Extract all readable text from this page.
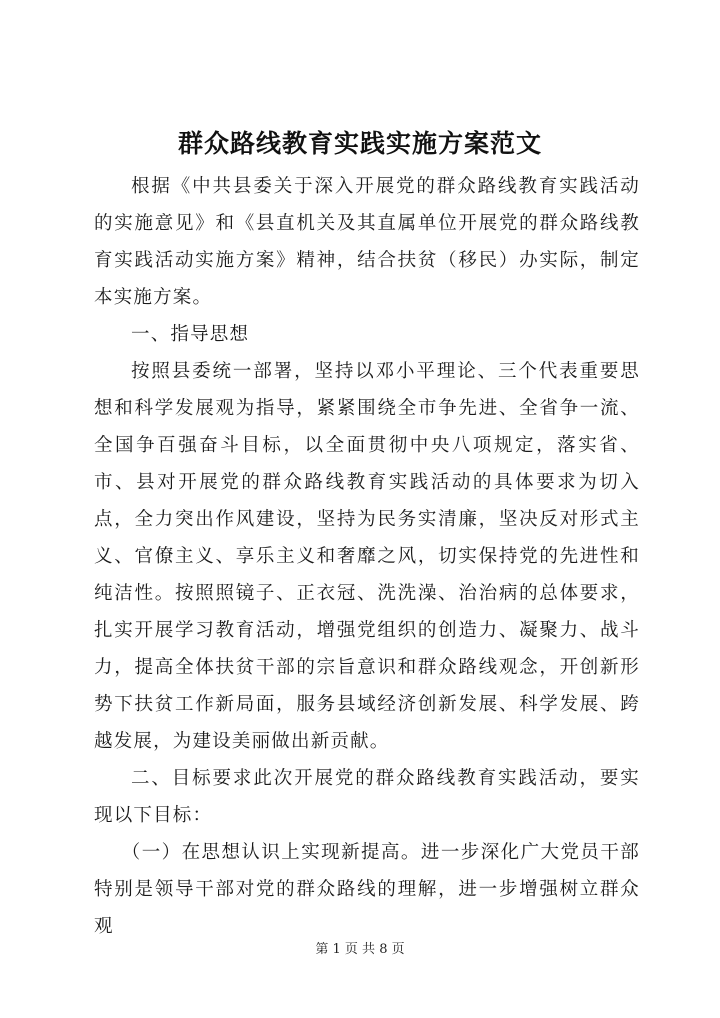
群众路线教育实践实施方案范文

根据《中共县委关于深入开展党的群众路线教育实践活动的实施意见》和《县直机关及其直属单位开展党的群众路线教育实践活动实施方案》精神，结合扶贫（移民）办实际，制定本实施方案。

一、指导思想

按照县委统一部署，坚持以邓小平理论、三个代表重要思想和科学发展观为指导，紧紧围绕全市争先进、全省争一流、全国争百强奋斗目标，以全面贯彻中央八项规定，落实省、市、县对开展党的群众路线教育实践活动的具体要求为切入点，全力突出作风建设，坚持为民务实清廉，坚决反对形式主义、官僚主义、享乐主义和奢靡之风，切实保持党的先进性和纯洁性。按照照镜子、正衣冠、洗洗澡、治治病的总体要求，扎实开展学习教育活动，增强党组织的创造力、凝聚力、战斗力，提高全体扶贫干部的宗旨意识和群众路线观念，开创新形势下扶贫工作新局面，服务县域经济创新发展、科学发展、跨越发展，为建设美丽做出新贡献。

二、目标要求此次开展党的群众路线教育实践活动，要实现以下目标：

（一）在思想认识上实现新提高。进一步深化广大党员干部特别是领导干部对党的群众路线的理解，进一步增强树立群众观

第 1 页 共 8 页
